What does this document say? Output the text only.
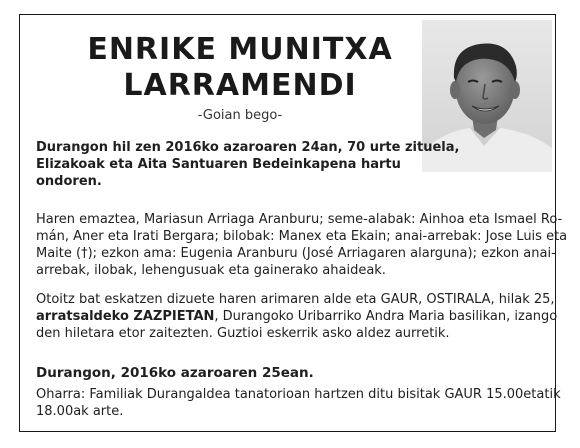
ENRIKE MUNITXA
LARRAMENDI
-Goian bego-
Durangon hil zen 2016ko azaroaren 24an, 70 urte zituela,
Elizakoak eta Aita Santuaren Bedeinkapena hartu
ondoren.
Haren emaztea, Mariasun Arriaga Aranburu; seme-alabak: Ainhoa eta Ismael Ro-
mán, Aner eta Irati Bergara; bilobak: Manex eta Ekain; anai-arrebak: Jose Luis eta
Maite (†); ezkon ama: Eugenia Aranburu (José Arriagaren alarguna); ezkon anai-
arrebak, ilobak, lehengusuak eta gainerako ahaideak.
Otoitz bat eskatzen dizuete haren arimaren alde eta GAUR, OSTIRALA, hilak 25,
arratsaldeko ZAZPIETAN, Durangoko Uribarriko Andra Maria basilikan, izango
den hiletara etor zaitezten. Guztioi eskerrik asko aldez aurretik.
Durangon, 2016ko azaroaren 25ean.
Oharra: Familiak Durangaldea tanatorioan hartzen ditu bisitak GAUR 15.00etatik
18.00ak arte.
